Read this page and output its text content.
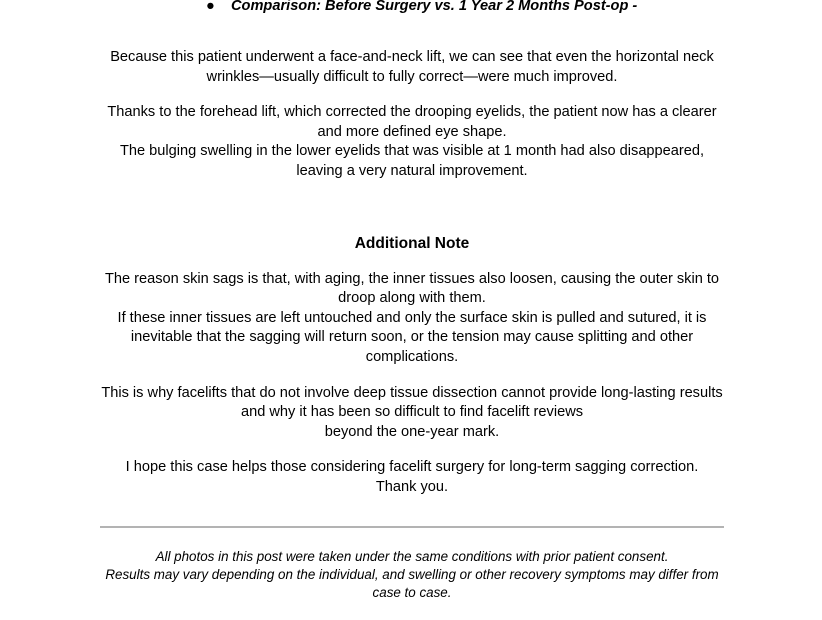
● Comparison: Before Surgery vs. 1 Year 2 Months Post-op -

Because this patient underwent a face-and-neck lift, we can see that even the horizontal neck wrinkles—usually difficult to fully correct—were much improved.

Thanks to the forehead lift, which corrected the drooping eyelids, the patient now has a clearer and more defined eye shape.
The bulging swelling in the lower eyelids that was visible at 1 month had also disappeared, leaving a very natural improvement.

Additional Note

The reason skin sags is that, with aging, the inner tissues also loosen, causing the outer skin to droop along with them.
If these inner tissues are left untouched and only the surface skin is pulled and sutured, it is inevitable that the sagging will return soon, or the tension may cause splitting and other complications.

This is why facelifts that do not involve deep tissue dissection cannot provide long-lasting results and why it has been so difficult to find facelift reviews
beyond the one-year mark.

I hope this case helps those considering facelift surgery for long-term sagging correction.
Thank you.

All photos in this post were taken under the same conditions with prior patient consent.
Results may vary depending on the individual, and swelling or other recovery symptoms may differ from case to case.
